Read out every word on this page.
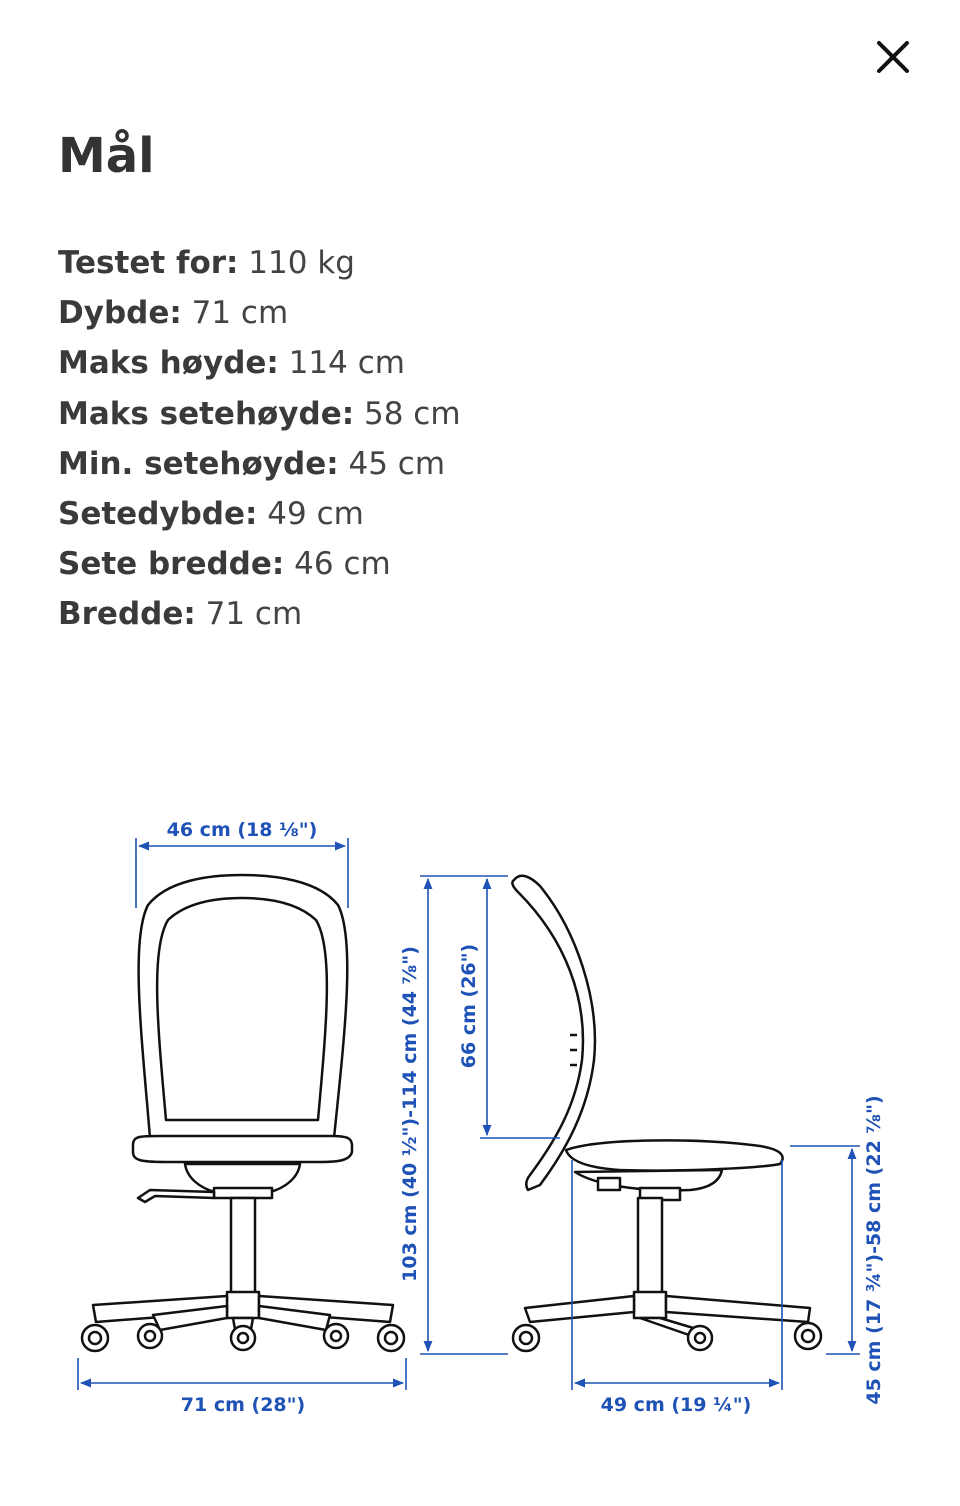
Mål
Testet for: 110 kg
Dybde: 71 cm
Maks høyde: 114 cm
Maks setehøyde: 58 cm
Min. setehøyde: 45 cm
Setedybde: 49 cm
Sete bredde: 46 cm
Bredde: 71 cm
46 cm (18 ⅛")
71 cm (28")	49 cm (19 ¼")
103 cm (40 ½")-114 cm (44 ⅞") 66 cm (26")
45 cm (17 ¾")-58 cm (22 ⅞")
